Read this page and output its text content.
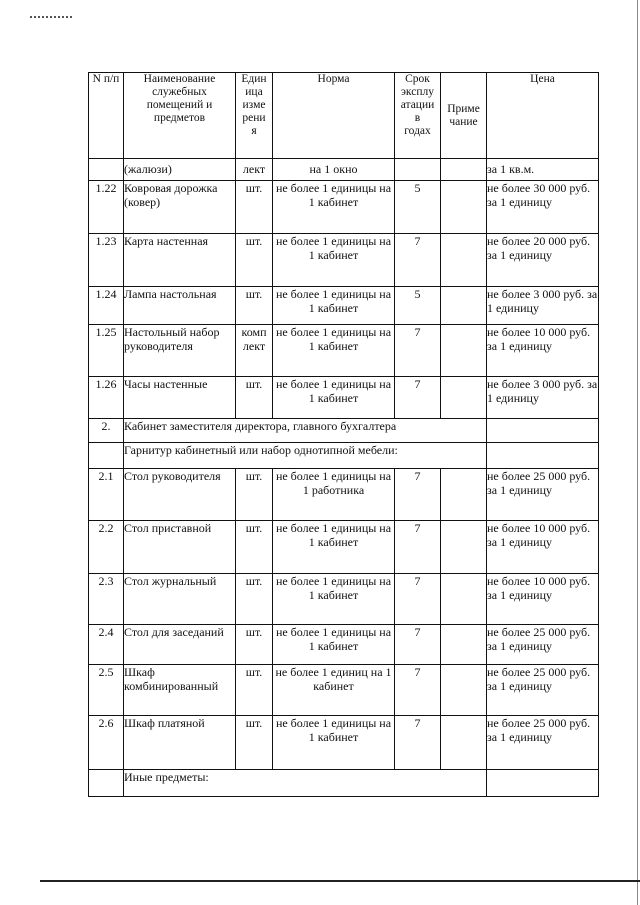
N п/п	Наименование служебных помещений и предметов	Един
ица
изме
рени
я	Норма	Срок
эксплу
атации
в
годах	Приме
чание	Цена
	(жалюзи)	лект	на 1 окно			за 1 кв.м.
1.22	Ковровая дорожка (ковер)	шт.	не более 1 единицы на 1 кабинет	5		не более 30 000 руб. за 1 единицу
1.23	Карта настенная	шт.	не более 1 единицы на 1 кабинет	7		не более 20 000 руб. за 1 единицу
1.24	Лампа настольная	шт.	не более 1 единицы на 1 кабинет	5		не более 3 000 руб. за 1 единицу
1.25	Настольный набор руководителя	комп лект	не более 1 единицы на 1 кабинет	7		не более 10 000 руб. за 1 единицу
1.26	Часы настенные	шт.	не более 1 единицы на 1 кабинет	7		не более 3 000 руб. за 1 единицу
2.	Кабинет заместителя директора, главного бухгалтера					
	Гарнитур кабинетный или набор однотипной мебели:					
2.1	Стол руководителя	шт.	не более 1 единицы на 1 работника	7		не более 25 000 руб. за 1 единицу
2.2	Стол приставной	шт.	не более 1 единицы на 1 кабинет	7		не более 10 000 руб. за 1 единицу
2.3	Стол журнальный	шт.	не более 1 единицы на 1 кабинет	7		не более 10 000 руб. за 1 единицу
2.4	Стол для заседаний	шт.	не более 1 единицы на 1 кабинет	7		не более 25 000 руб. за 1 единицу
2.5	Шкаф комбинированный	шт.	не более 1 единиц на 1 кабинет	7		не более 25 000 руб. за 1 единицу
2.6	Шкаф платяной	шт.	не более 1 единицы на 1 кабинет	7		не более 25 000 руб. за 1 единицу
	Иные предметы:					
